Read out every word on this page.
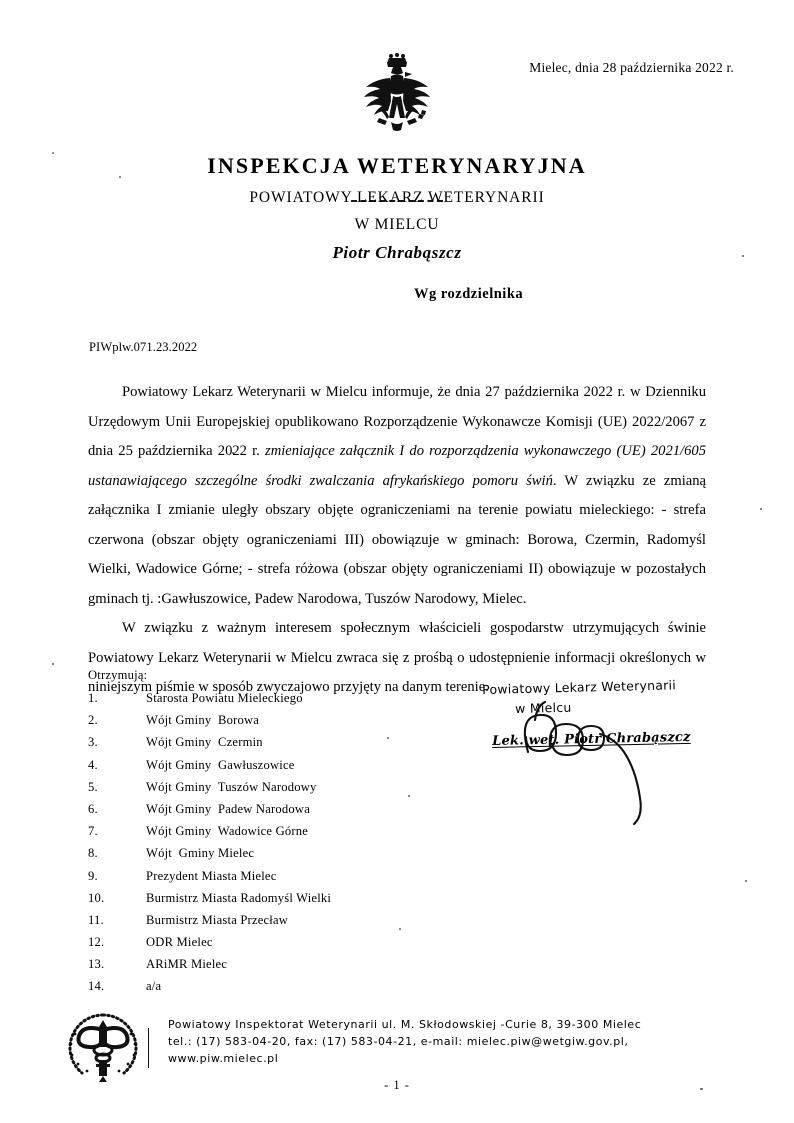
Mielec, dnia 28 października 2022 r.
INSPEKCJA WETERYNARYJNA
POWIATOWY LEKARZ WETERYNARII
W MIELCU
Piotr Chrabąszcz
Wg rozdzielnika
PIWplw.071.23.2022

Powiatowy Lekarz Weterynarii w Mielcu informuje, że dnia 27 października 2022 r. w Dzienniku Urzędowym Unii Europejskiej opublikowano Rozporządzenie Wykonawcze Komisji (UE) 2022/2067 z dnia 25 października 2022 r. zmieniające załącznik I do rozporządzenia wykonawczego (UE) 2021/605 ustanawiającego szczególne środki zwalczania afrykańskiego pomoru świń. W związku ze zmianą załącznika I zmianie uległy obszary objęte ograniczeniami na terenie powiatu mieleckiego: - strefa czerwona (obszar objęty ograniczeniami III) obowiązuje w gminach: Borowa, Czermin, Radomyśl Wielki, Wadowice Górne; - strefa różowa (obszar objęty ograniczeniami II) obowiązuje w pozostałych gminach tj. :Gawłuszowice, Padew Narodowa, Tuszów Narodowy, Mielec.

W związku z ważnym interesem społecznym właścicieli gospodarstw utrzymujących świnie Powiatowy Lekarz Weterynarii w Mielcu zwraca się z prośbą o udostępnienie informacji określonych w niniejszym piśmie w sposób zwyczajowo przyjęty na danym terenie.

Otrzymują:
1.	Starosta Powiatu Mieleckiego
2.	Wójt Gminy  Borowa
3.	Wójt Gminy  Czermin
4.	Wójt Gminy  Gawłuszowice
5.	Wójt Gminy  Tuszów Narodowy
6.	Wójt Gminy  Padew Narodowa
7.	Wójt Gminy  Wadowice Górne
8.	Wójt  Gminy Mielec
9.	Prezydent Miasta Mielec
10.	Burmistrz Miasta Radomyśl Wielki
11.	Burmistrz Miasta Przecław
12.	ODR Mielec
13.	ARiMR Mielec
14.	a/a
Powiatowy Lekarz Weterynarii
w Mielcu
Lek. wet. Piotr Chrabąszcz
Powiatowy Inspektorat Weterynarii ul. M. Skłodowskiej -Curie 8, 39-300 Mielec
tel.: (17) 583-04-20, fax: (17) 583-04-21, e-mail: mielec.piw@wetgiw.gov.pl,
www.piw.mielec.pl
- 1 -
